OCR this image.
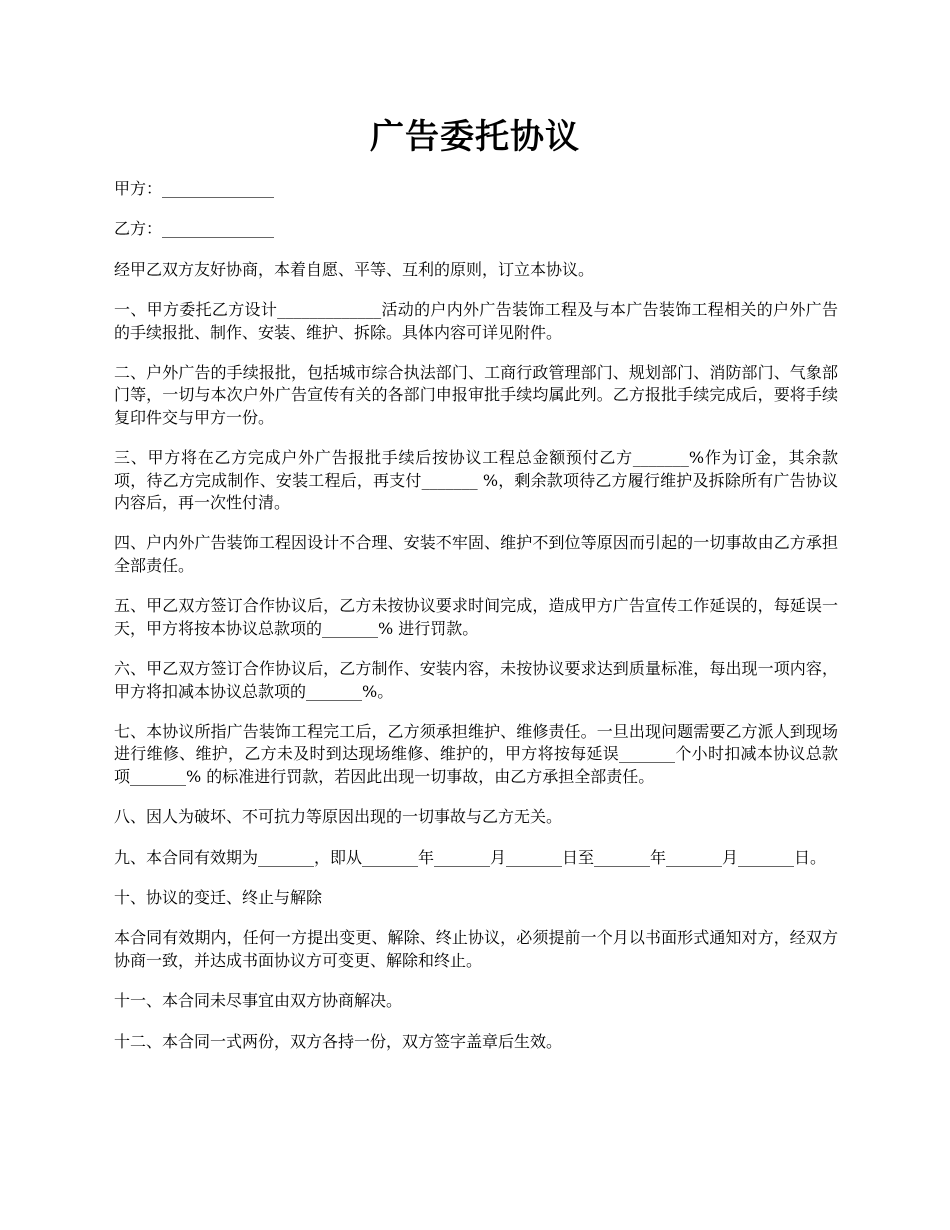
广告委托协议

甲方：______________

乙方：______________

经甲乙双方友好协商，本着自愿、平等、互利的原则，订立本协议。

一、甲方委托乙方设计_____________活动的户内外广告装饰工程及与本广告装饰工程相关的户外广告的手续报批、制作、安装、维护、拆除。具体内容可详见附件。

二、户外广告的手续报批，包括城市综合执法部门、工商行政管理部门、规划部门、消防部门、气象部门等，一切与本次户外广告宣传有关的各部门申报审批手续均属此列。乙方报批手续完成后，要将手续复印件交与甲方一份。

三、甲方将在乙方完成户外广告报批手续后按协议工程总金额预付乙方_______%作为订金，其余款项，待乙方完成制作、安装工程后，再支付_______ %，剩余款项待乙方履行维护及拆除所有广告协议内容后，再一次性付清。

四、户内外广告装饰工程因设计不合理、安装不牢固、维护不到位等原因而引起的一切事故由乙方承担全部责任。

五、甲乙双方签订合作协议后，乙方未按协议要求时间完成，造成甲方广告宣传工作延误的，每延误一天，甲方将按本协议总款项的_______% 进行罚款。

六、甲乙双方签订合作协议后，乙方制作、安装内容，未按协议要求达到质量标准，每出现一项内容，甲方将扣减本协议总款项的_______%。

七、本协议所指广告装饰工程完工后，乙方须承担维护、维修责任。一旦出现问题需要乙方派人到现场进行维修、维护，乙方未及时到达现场维修、维护的，甲方将按每延误_______个小时扣减本协议总款项_______% 的标准进行罚款，若因此出现一切事故，由乙方承担全部责任。

八、因人为破坏、不可抗力等原因出现的一切事故与乙方无关。

九、本合同有效期为_______，即从_______年_______月_______日至_______年_______月_______日。

十、协议的变迁、终止与解除

本合同有效期内，任何一方提出变更、解除、终止协议，必须提前一个月以书面形式通知对方，经双方协商一致，并达成书面协议方可变更、解除和终止。

十一、本合同未尽事宜由双方协商解决。

十二、本合同一式两份，双方各持一份，双方签字盖章后生效。
